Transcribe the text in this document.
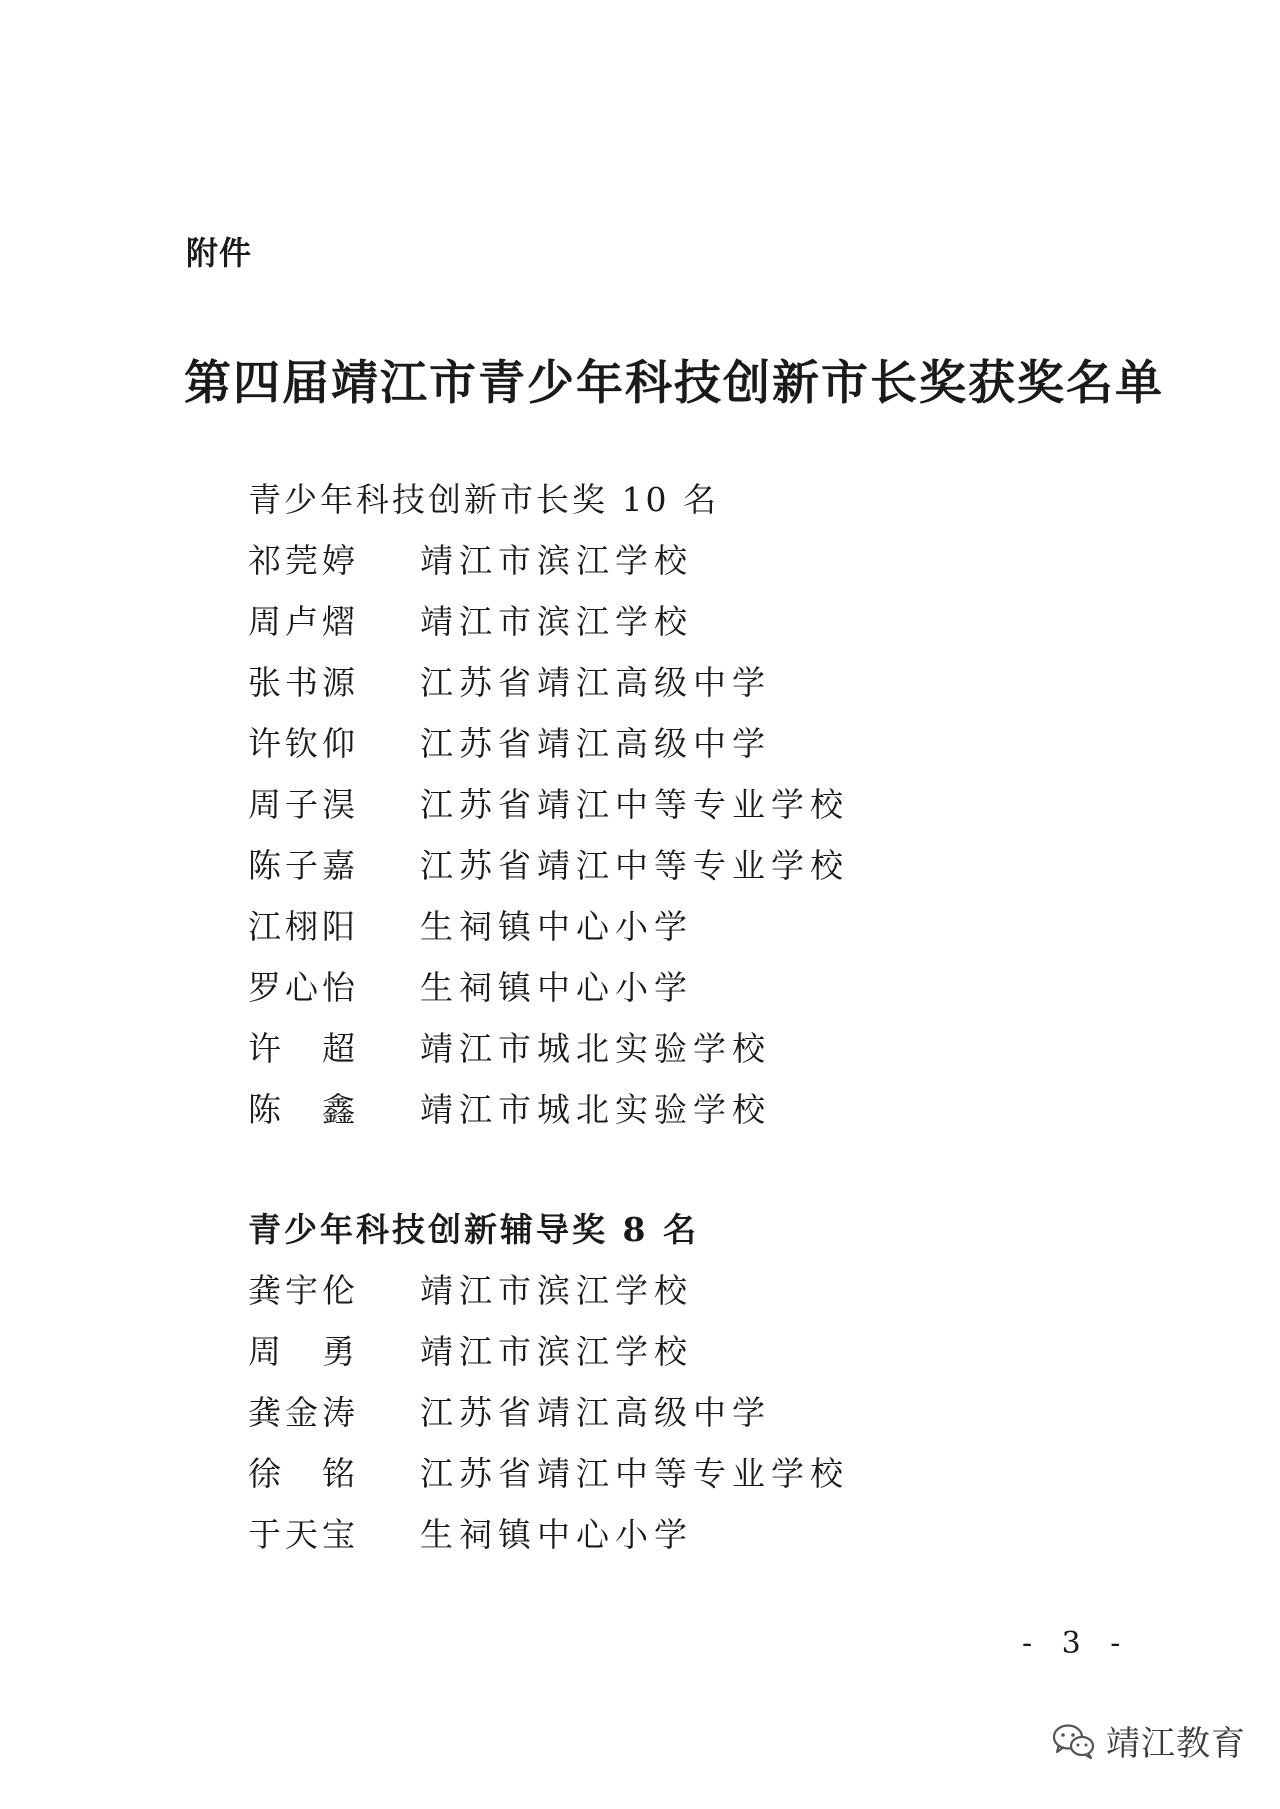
附件
第四届靖江市青少年科技创新市长奖获奖名单
青少年科技创新市长奖 10 名
祁莞婷	靖江市滨江学校
周卢熠	靖江市滨江学校
张书源	江苏省靖江高级中学
许钦仰	江苏省靖江高级中学
周子淏	江苏省靖江中等专业学校
陈子嘉	江苏省靖江中等专业学校
江栩阳	生祠镇中心小学
罗心怡	生祠镇中心小学
许　超	靖江市城北实验学校
陈　鑫	靖江市城北实验学校
青少年科技创新辅导奖 8 名
龚宇伦	靖江市滨江学校
周　勇	靖江市滨江学校
龚金涛	江苏省靖江高级中学
徐　铭	江苏省靖江中等专业学校
于天宝	生祠镇中心小学
- 3 -
靖江教育
